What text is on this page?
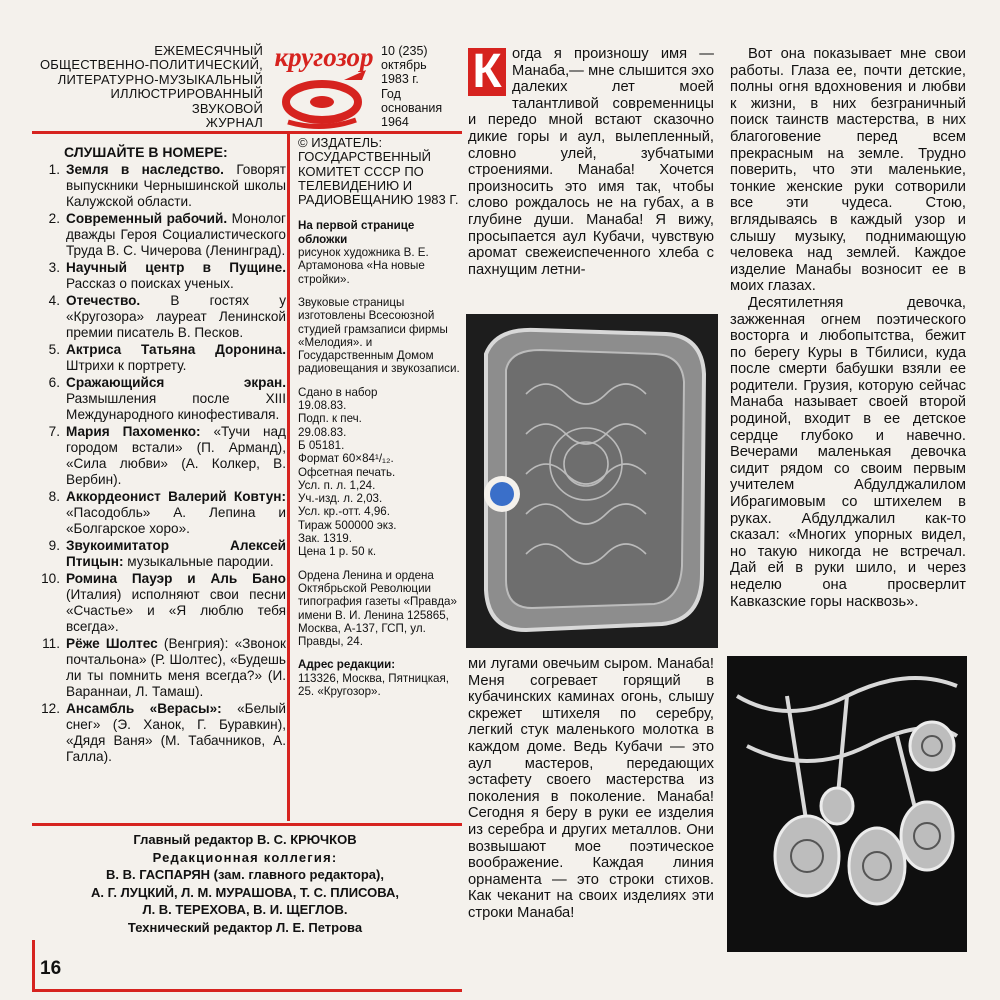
ЕЖЕМЕСЯЧНЫЙ
ОБЩЕСТВЕННО-ПОЛИТИЧЕСКИЙ,
ЛИТЕРАТУРНО-МУЗЫКАЛЬНЫЙ
ИЛЛЮСТРИРОВАННЫЙ
ЗВУКОВОЙ
ЖУРНАЛ
кругозор 10 (235)
октябрь
1983 г.
Год
основания
1964
СЛУШАЙТЕ В НОМЕРЕ:
1. Земля в наследство. Говорят выпускники Чернышинской школы Калужской области.
2. Современный рабочий. Монолог дважды Героя Социалистического Труда В. С. Чичерова (Ленинград).
3. Научный центр в Пущине. Рассказ о поисках ученых.
4. Отечество. В гостях у «Кругозора» лауреат Ленинской премии писатель В. Песков.
5. Актриса Татьяна Доронина. Штрихи к портрету.
6. Сражающийся экран. Размышления после XIII Международного кинофестиваля.
7. Мария Пахоменко: «Тучи над городом встали» (П. Арманд), «Сила любви» (А. Колкер, В. Вербин).
8. Аккордеонист Валерий Ковтун: «Пасодобль» А. Лепина и «Болгарское хоро».
9. Звукоимитатор Алексей Птицын: музыкальные пародии.
10. Ромина Пауэр и Аль Бано (Италия) исполняют свои песни «Счастье» и «Я люблю тебя всегда».
11. Рёже Шолтес (Венгрия): «Звонок почтальона» (Р. Шолтес), «Будешь ли ты помнить меня всегда?» (И. Вараннаи, Л. Тамаш).
12. Ансамбль «Верасы»: «Белый снег» (Э. Ханок, Г. Буравкин), «Дядя Ваня» (М. Табачников, А. Галла).
© ИЗДАТЕЛЬ: ГОСУДАРСТВЕННЫЙ КОМИТЕТ СССР ПО ТЕЛЕВИДЕНИЮ И РАДИОВЕЩАНИЮ 1983 Г.
На первой странице обложки
рисунок художника В. Е. Артамонова «На новые стройки».
Звуковые страницы изготовлены Всесоюзной студией грамзаписи фирмы «Мелодия». и Государственным Домом радиовещания и звукозаписи.
Сдано в набор
19.08.83.
Подп. к печ.
29.08.83.
Б 05181.
Формат 60×84¹/₁₂.
Офсетная печать.
Усл. п. л. 1,24.
Уч.-изд. л. 2,03.
Усл. кр.-отт. 4,96.
Тираж 500000 экз.
Зак. 1319.
Цена 1 р. 50 к.
Ордена Ленина и ордена Октябрьской Революции типография газеты «Правда» имени В. И. Ленина 125865, Москва, А-137, ГСП, ул. Правды, 24.
Адрес редакции:
113326, Москва, Пятницкая, 25. «Кругозор».
Главный редактор В. С. КРЮЧКОВ
Редакционная коллегия:
В. В. ГАСПАРЯН (зам. главного редактора),
А. Г. ЛУЦКИЙ, Л. М. МУРАШОВА, Т. С. ПЛИСОВА,
Л. В. ТЕРЕХОВА, В. И. ЩЕГЛОВ.
Технический редактор Л. Е. Петрова
16
К огда я произношу имя — Манаба,— мне слышится эхо далеких лет моей талантливой современницы и передо мной встают сказочно дикие горы и аул, вылепленный, словно улей, зубчатыми строениями. Манаба! Хочется произносить это имя так, чтобы слово рождалось не на губах, а в глубине души. Манаба! Я вижу, просыпается аул Кубачи, чувствую аромат свежеиспеченного хлеба с пахнущим летни-
ми лугами овечьим сыром. Манаба! Меня согревает горящий в кубачинских каминах огонь, слышу скрежет штихеля по серебру, легкий стук маленького молотка в каждом доме. Ведь Кубачи — это аул мастеров, передающих эстафету своего мастерства из поколения в поколение. Манаба! Сегодня я беру в руки ее изделия из серебра и других металлов. Они возвышают мое поэтическое воображение. Каждая линия орнамента — это строки стихов. Как чеканит на своих изделиях эти строки Манаба!

Вот она показывает мне свои работы. Глаза ее, почти детские, полны огня вдохновения и любви к жизни, в них безграничный поиск таинств мастерства, в них благоговение перед всем прекрасным на земле. Трудно поверить, что эти маленькие, тонкие женские руки сотворили все эти чудеса. Стою, вглядываясь в каждый узор и слышу музыку, поднимающую человека над землей. Каждое изделие Манабы возносит ее в моих глазах.

Десятилетняя девочка, зажженная огнем поэтического восторга и любопытства, бежит по берегу Куры в Тбилиси, куда после смерти бабушки взяли ее родители. Грузия, которую сейчас Манаба называет своей второй родиной, входит в ее детское сердце глубоко и навечно. Вечерами маленькая девочка сидит рядом со своим первым учителем Абдулджалилом Ибрагимовым со штихелем в руках. Абдулджалил как-то сказал: «Многих упорных видел, но такую никогда не встречал. Дай ей в руки шило, и через неделю она просверлит Кавказские горы насквозь».
